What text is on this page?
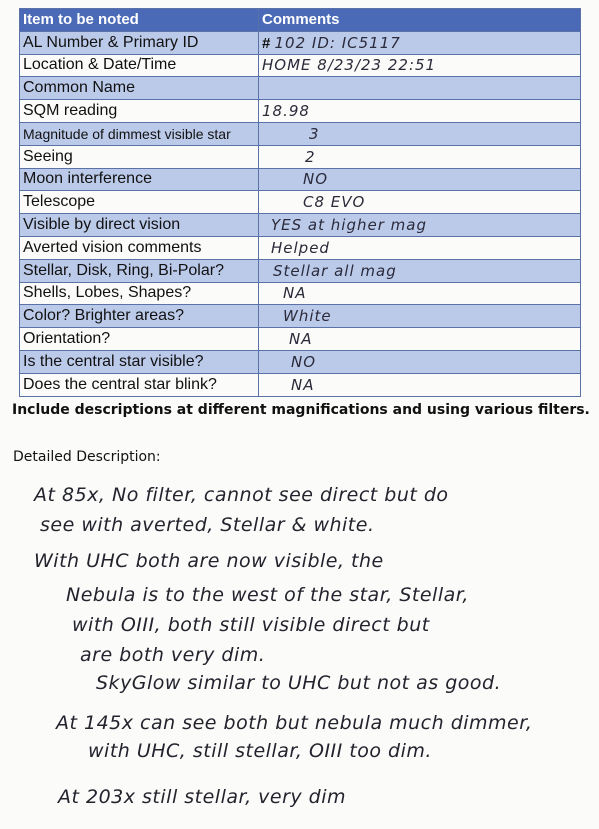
Item to be noted	Comments
AL Number & Primary ID	# 102 ID: IC5117
Location & Date/Time	HOME 8/23/23 22:51
Common Name	
SQM reading	18.98
Magnitude of dimmest visible star	3
Seeing	2
Moon interference	NO
Telescope	C8 EVO
Visible by direct vision	YES at higher mag
Averted vision comments	Helped
Stellar, Disk, Ring, Bi-Polar?	Stellar all mag
Shells, Lobes, Shapes?	NA
Color? Brighter areas?	White
Orientation?	NA
Is the central star visible?	NO
Does the central star blink?	NA
Include descriptions at different magnifications and using various filters.
Detailed Description:
At 85x, No filter, cannot see direct but do
see with averted, Stellar & white.
With UHC both are now visible, the
Nebula is to the west of the star, Stellar,
with OIII, both still visible direct but
are both very dim.
SkyGlow similar to UHC but not as good.
At 145x can see both but nebula much dimmer,
with UHC, still stellar, OIII too dim.
At 203x still stellar, very dim
